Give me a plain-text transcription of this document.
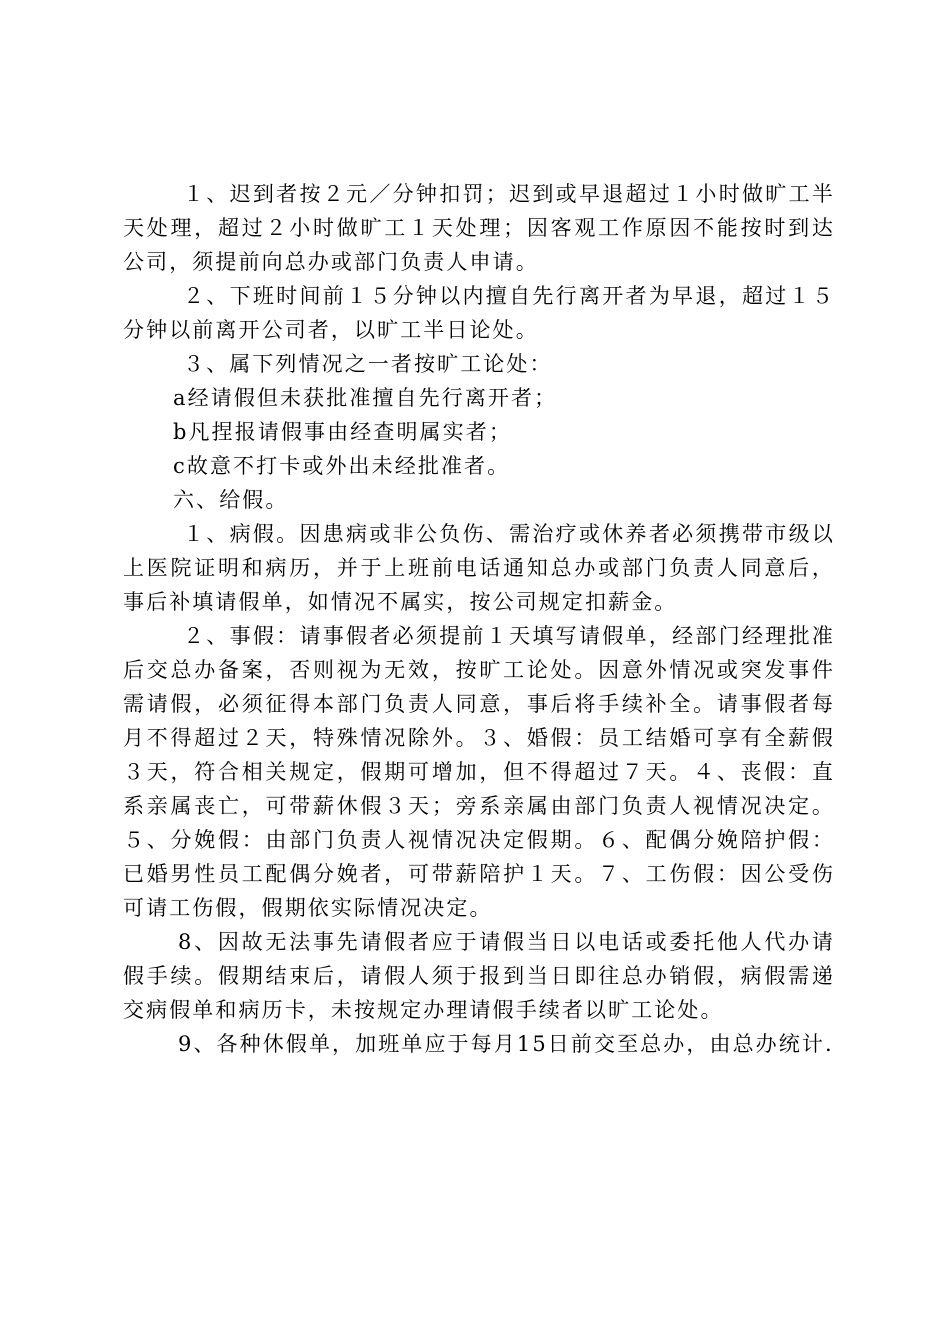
１、迟到者按２元／分钟扣罚；迟到或早退超过１小时做旷工半天处理，超过２小时做旷工１天处理；因客观工作原因不能按时到达公司，须提前向总办或部门负责人申请。

２、下班时间前１５分钟以内擅自先行离开者为早退，超过１５分钟以前离开公司者，以旷工半日论处。

３、属下列情况之一者按旷工论处：

a经请假但未获批准擅自先行离开者；

b凡捏报请假事由经查明属实者；

c故意不打卡或外出未经批准者。

六、给假。

１、病假。因患病或非公负伤、需治疗或休养者必须携带市级以上医院证明和病历，并于上班前电话通知总办或部门负责人同意后，事后补填请假单，如情况不属实，按公司规定扣薪金。

２、事假：请事假者必须提前１天填写请假单，经部门经理批准后交总办备案，否则视为无效，按旷工论处。因意外情况或突发事件需请假，必须征得本部门负责人同意，事后将手续补全。请事假者每月不得超过２天，特殊情况除外。３、婚假：员工结婚可享有全薪假３天，符合相关规定，假期可增加，但不得超过７天。４、丧假：直系亲属丧亡，可带薪休假３天；旁系亲属由部门负责人视情况决定。５、分娩假：由部门负责人视情况决定假期。６、配偶分娩陪护假：已婚男性员工配偶分娩者，可带薪陪护１天。７、工伤假：因公受伤可请工伤假，假期依实际情况决定。

8、因故无法事先请假者应于请假当日以电话或委托他人代办请假手续。假期结束后，请假人须于报到当日即往总办销假，病假需递交病假单和病历卡，未按规定办理请假手续者以旷工论处。

9、各种休假单，加班单应于每月15日前交至总办，由总办统计.
